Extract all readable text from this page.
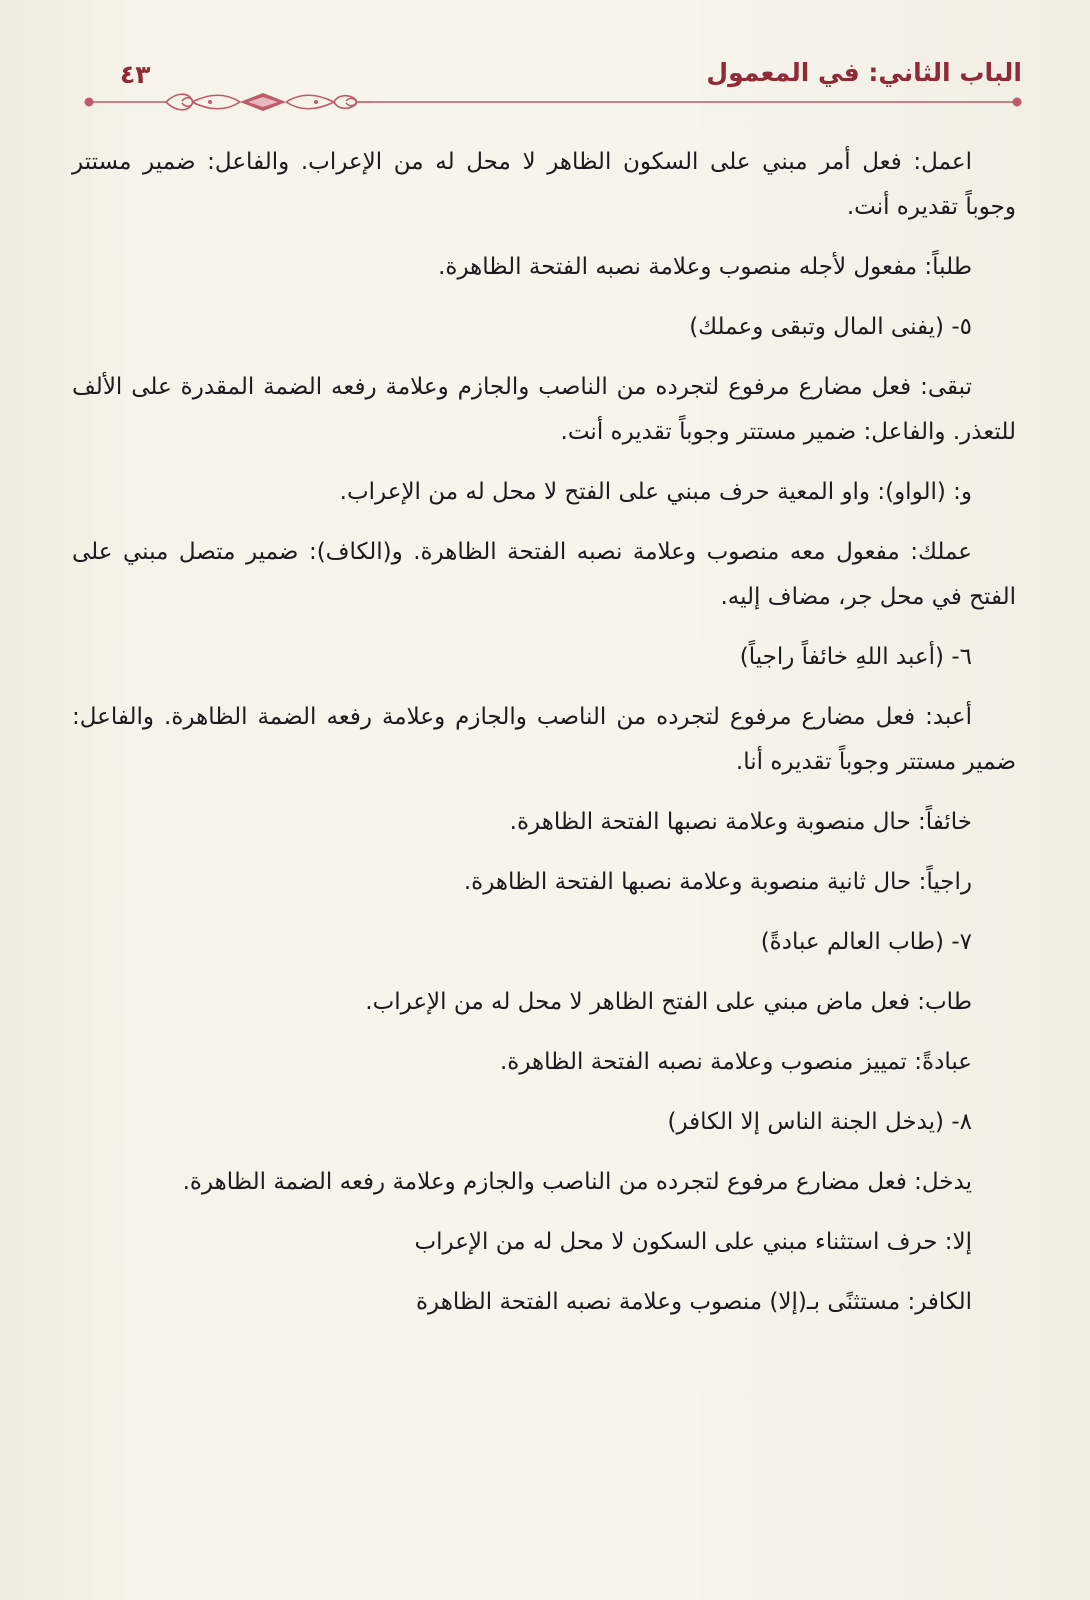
الباب الثاني: في المعمول
٤٣

اعمل: فعل أمر مبني على السكون الظاهر لا محل له من الإعراب. والفاعل: ضمير مستتر

وجوباً تقديره أنت.

طلباً: مفعول لأجله منصوب وعلامة نصبه الفتحة الظاهرة.

٥- (يفنى المال وتبقى وعملك)

تبقى: فعل مضارع مرفوع لتجرده من الناصب والجازم وعلامة رفعه الضمة المقدرة على الألف

للتعذر. والفاعل: ضمير مستتر وجوباً تقديره أنت.

و: (الواو): واو المعية حرف مبني على الفتح لا محل له من الإعراب.

عملك: مفعول معه منصوب وعلامة نصبه الفتحة الظاهرة. و(الكاف): ضمير متصل مبني على

الفتح في محل جر، مضاف إليه.

٦- (أعبد اللهِ خائفاً راجياً)

أعبد: فعل مضارع مرفوع لتجرده من الناصب والجازم وعلامة رفعه الضمة الظاهرة. والفاعل:

ضمير مستتر وجوباً تقديره أنا.

خائفاً: حال منصوبة وعلامة نصبها الفتحة الظاهرة.

راجياً: حال ثانية منصوبة وعلامة نصبها الفتحة الظاهرة.

٧- (طاب العالم عبادةً)

طاب: فعل ماض مبني على الفتح الظاهر لا محل له من الإعراب.

عبادةً: تمييز منصوب وعلامة نصبه الفتحة الظاهرة.

٨- (يدخل الجنة الناس إلا الكافر)

يدخل: فعل مضارع مرفوع لتجرده من الناصب والجازم وعلامة رفعه الضمة الظاهرة.

إلا: حرف استثناء مبني على السكون لا محل له من الإعراب

الكافر: مستثنًى بـ(إلا) منصوب وعلامة نصبه الفتحة الظاهرة
